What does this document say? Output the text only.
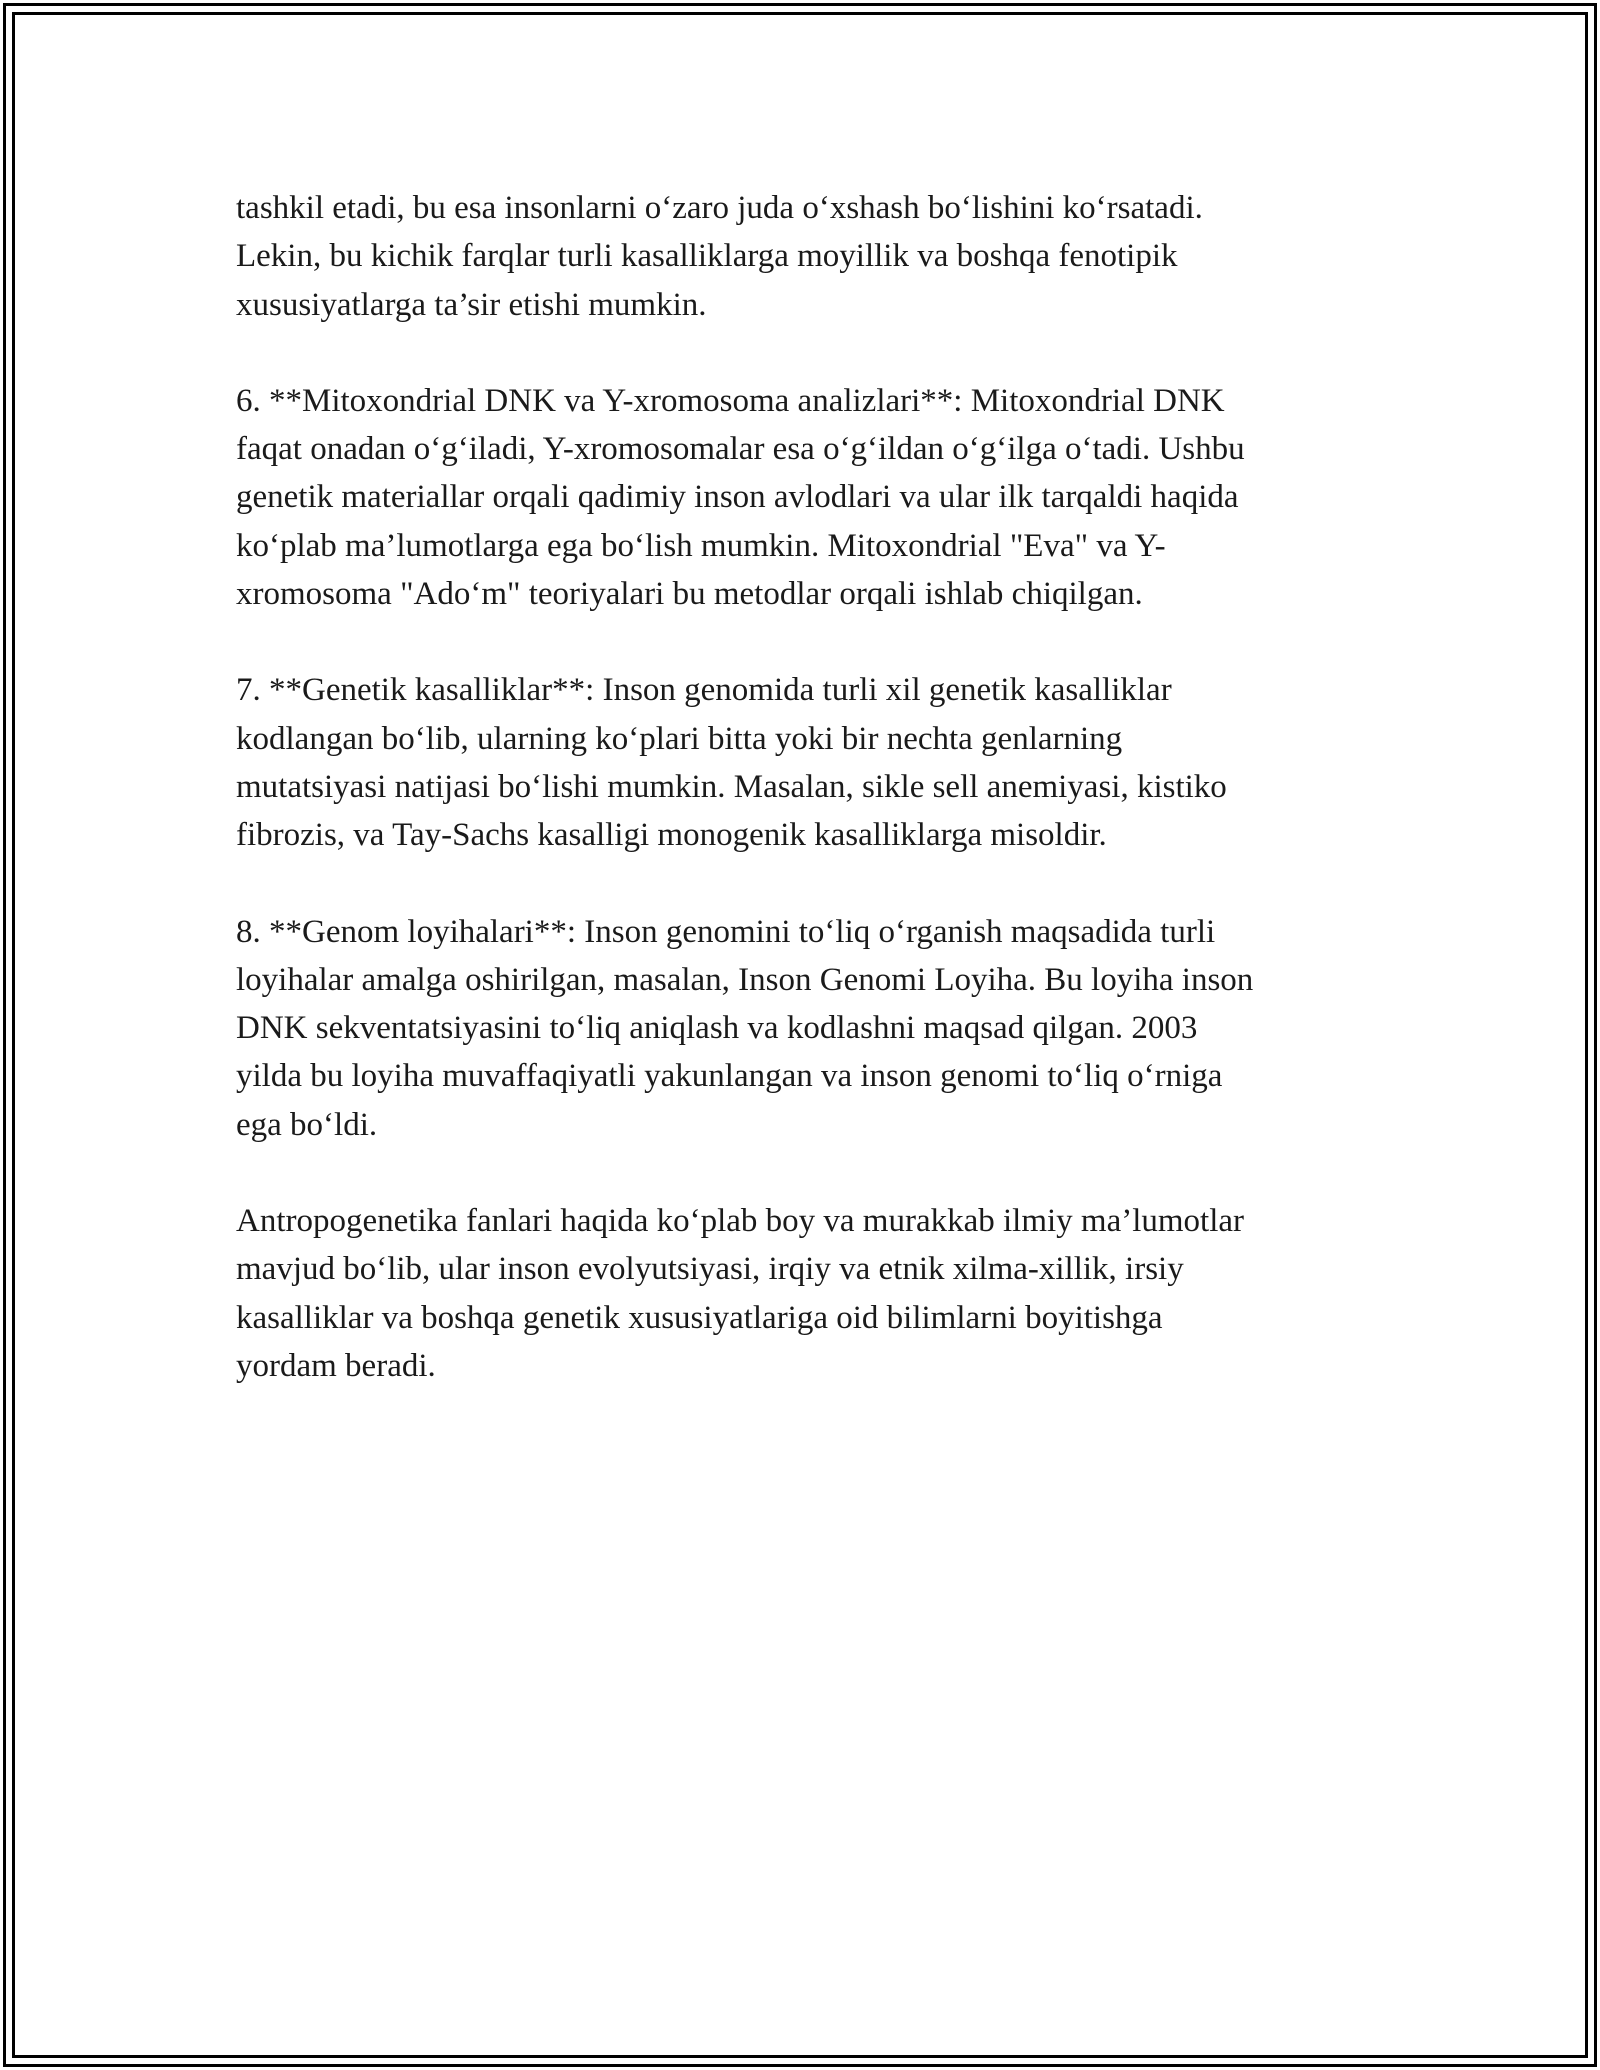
tashkil etadi, bu esa insonlarni o‘zaro juda o‘xshash bo‘lishini ko‘rsatadi.
Lekin, bu kichik farqlar turli kasalliklarga moyillik va boshqa fenotipik
xususiyatlarga ta’sir etishi mumkin.

6. **Mitoxondrial DNK va Y-xromosoma analizlari**: Mitoxondrial DNK
faqat onadan o‘g‘iladi, Y-xromosomalar esa o‘g‘ildan o‘g‘ilga o‘tadi. Ushbu
genetik materiallar orqali qadimiy inson avlodlari va ular ilk tarqaldi haqida
ko‘plab ma’lumotlarga ega bo‘lish mumkin. Mitoxondrial "Eva" va Y-
xromosoma "Ado‘m" teoriyalari bu metodlar orqali ishlab chiqilgan.

7. **Genetik kasalliklar**: Inson genomida turli xil genetik kasalliklar
kodlangan bo‘lib, ularning ko‘plari bitta yoki bir nechta genlarning
mutatsiyasi natijasi bo‘lishi mumkin. Masalan, sikle sell anemiyasi, kistiko
fibrozis, va Tay-Sachs kasalligi monogenik kasalliklarga misoldir.

8. **Genom loyihalari**: Inson genomini to‘liq o‘rganish maqsadida turli
loyihalar amalga oshirilgan, masalan, Inson Genomi Loyiha. Bu loyiha inson
DNK sekventatsiyasini to‘liq aniqlash va kodlashni maqsad qilgan. 2003
yilda bu loyiha muvaffaqiyatli yakunlangan va inson genomi to‘liq o‘rniga
ega bo‘ldi.

Antropogenetika fanlari haqida ko‘plab boy va murakkab ilmiy ma’lumotlar
mavjud bo‘lib, ular inson evolyutsiyasi, irqiy va etnik xilma-xillik, irsiy
kasalliklar va boshqa genetik xususiyatlariga oid bilimlarni boyitishga
yordam beradi.
